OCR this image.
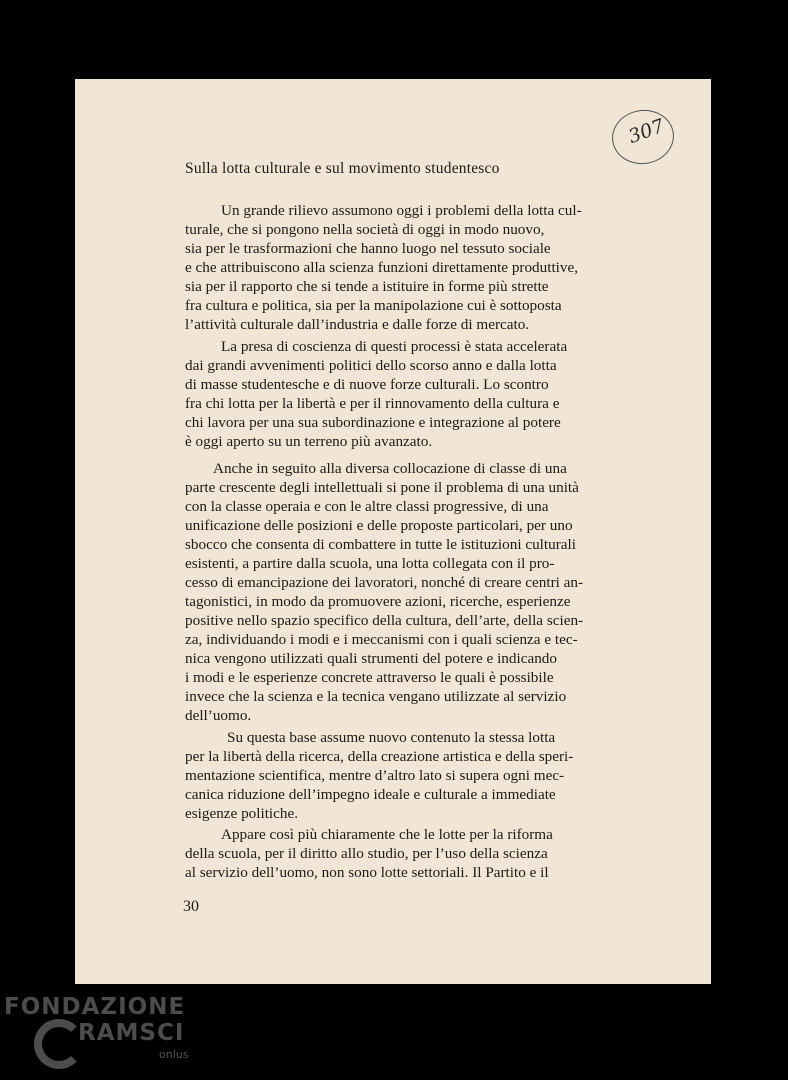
307
Sulla lotta culturale e sul movimento studentesco

Un grande rilievo assumono oggi i problemi della lotta cul-
turale, che si pongono nella società di oggi in modo nuovo,
sia per le trasformazioni che hanno luogo nel tessuto sociale
e che attribuiscono alla scienza funzioni direttamente produttive,
sia per il rapporto che si tende a istituire in forme più strette
fra cultura e politica, sia per la manipolazione cui è sottoposta
l’attività culturale dall’industria e dalle forze di mercato.

La presa di coscienza di questi processi è stata accelerata
dai grandi avvenimenti politici dello scorso anno e dalla lotta
di masse studentesche e di nuove forze culturali. Lo scontro
fra chi lotta per la libertà e per il rinnovamento della cultura e
chi lavora per una sua subordinazione e integrazione al potere
è oggi aperto su un terreno più avanzato.

Anche in seguito alla diversa collocazione di classe di una
parte crescente degli intellettuali si pone il problema di una unità
con la classe operaia e con le altre classi progressive, di una
unificazione delle posizioni e delle proposte particolari, per uno
sbocco che consenta di combattere in tutte le istituzioni culturali
esistenti, a partire dalla scuola, una lotta collegata con il pro-
cesso di emancipazione dei lavoratori, nonché di creare centri an-
tagonistici, in modo da promuovere azioni, ricerche, esperienze
positive nello spazio specifico della cultura, dell’arte, della scien-
za, individuando i modi e i meccanismi con i quali scienza e tec-
nica vengono utilizzati quali strumenti del potere e indicando
i modi e le esperienze concrete attraverso le quali è possibile
invece che la scienza e la tecnica vengano utilizzate al servizio
dell’uomo.

Su questa base assume nuovo contenuto la stessa lotta
per la libertà della ricerca, della creazione artistica e della speri-
mentazione scientifica, mentre d’altro lato si supera ogni mec-
canica riduzione dell’impegno ideale e culturale a immediate
esigenze politiche.

Appare così più chiaramente che le lotte per la riforma
della scuola, per il diritto allo studio, per l’uso della scienza
al servizio dell’uomo, non sono lotte settoriali. Il Partito e il

30
FONDAZIONE
RAMSCI
onlus
